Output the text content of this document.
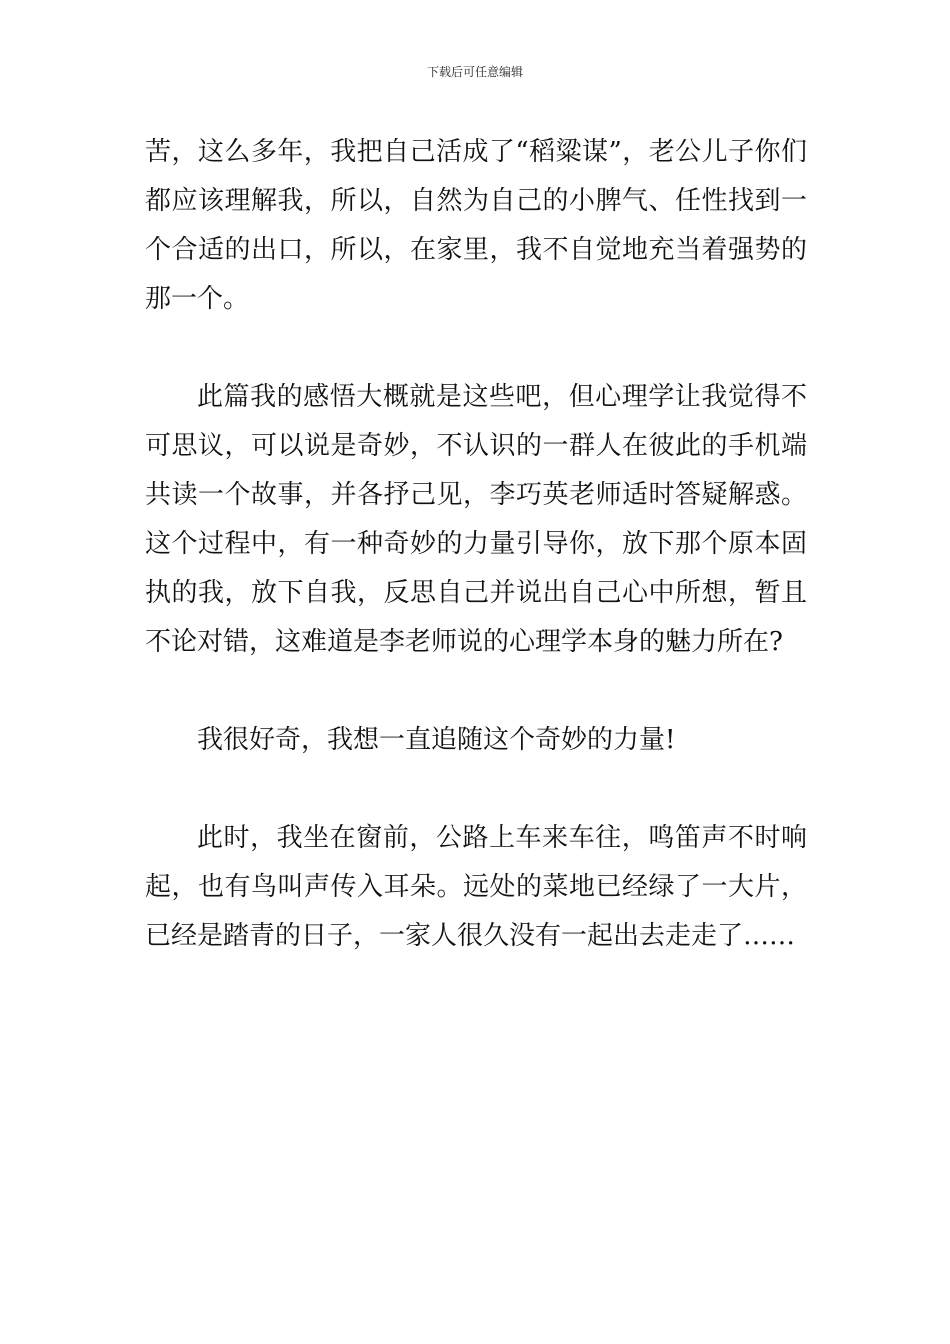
下载后可任意编辑

苦，这么多年，我把自己活成了“稻粱谋”，老公儿子你们都应该理解我，所以，自然为自己的小脾气、任性找到一个合适的出口，所以，在家里，我不自觉地充当着强势的那一个。

此篇我的感悟大概就是这些吧，但心理学让我觉得不可思议，可以说是奇妙，不认识的一群人在彼此的手机端共读一个故事，并各抒己见，李巧英老师适时答疑解惑。这个过程中，有一种奇妙的力量引导你，放下那个原本固执的我，放下自我，反思自己并说出自己心中所想，暂且不论对错，这难道是李老师说的心理学本身的魅力所在?

我很好奇，我想一直追随这个奇妙的力量!

此时，我坐在窗前，公路上车来车往，鸣笛声不时响起，也有鸟叫声传入耳朵。远处的菜地已经绿了一大片，已经是踏青的日子，一家人很久没有一起出去走走了……
